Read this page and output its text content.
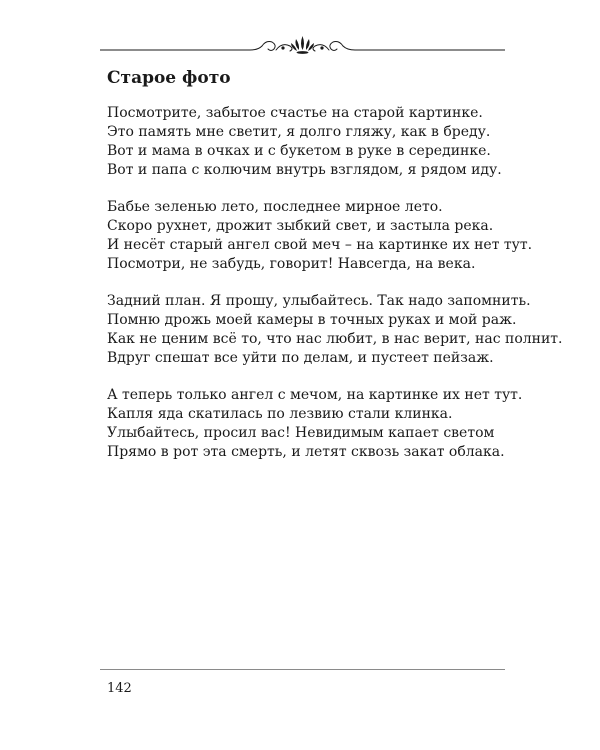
Старое фото
Посмотрите, забытое счастье на старой картинке.
Это память мне светит, я долго гляжу, как в бреду.
Вот и мама в очках и с букетом в руке в серединке.
Вот и папа с колючим внутрь взглядом, я рядом иду.
Бабье зеленью лето, последнее мирное лето.
Скоро рухнет, дрожит зыбкий свет, и застыла река.
И несёт старый ангел свой меч – на картинке их нет тут.
Посмотри, не забудь, говорит! Навсегда, на века.
Задний план. Я прошу, улыбайтесь. Так надо запомнить.
Помню дрожь моей камеры в точных руках и мой раж.
Как не ценим всё то, что нас любит, в нас верит, нас полнит.
Вдруг спешат все уйти по делам, и пустеет пейзаж.
А теперь только ангел с мечом, на картинке их нет тут.
Капля яда скатилась по лезвию стали клинка.
Улыбайтесь, просил вас! Невидимым капает светом
Прямо в рот эта смерть, и летят сквозь закат облака.
142
